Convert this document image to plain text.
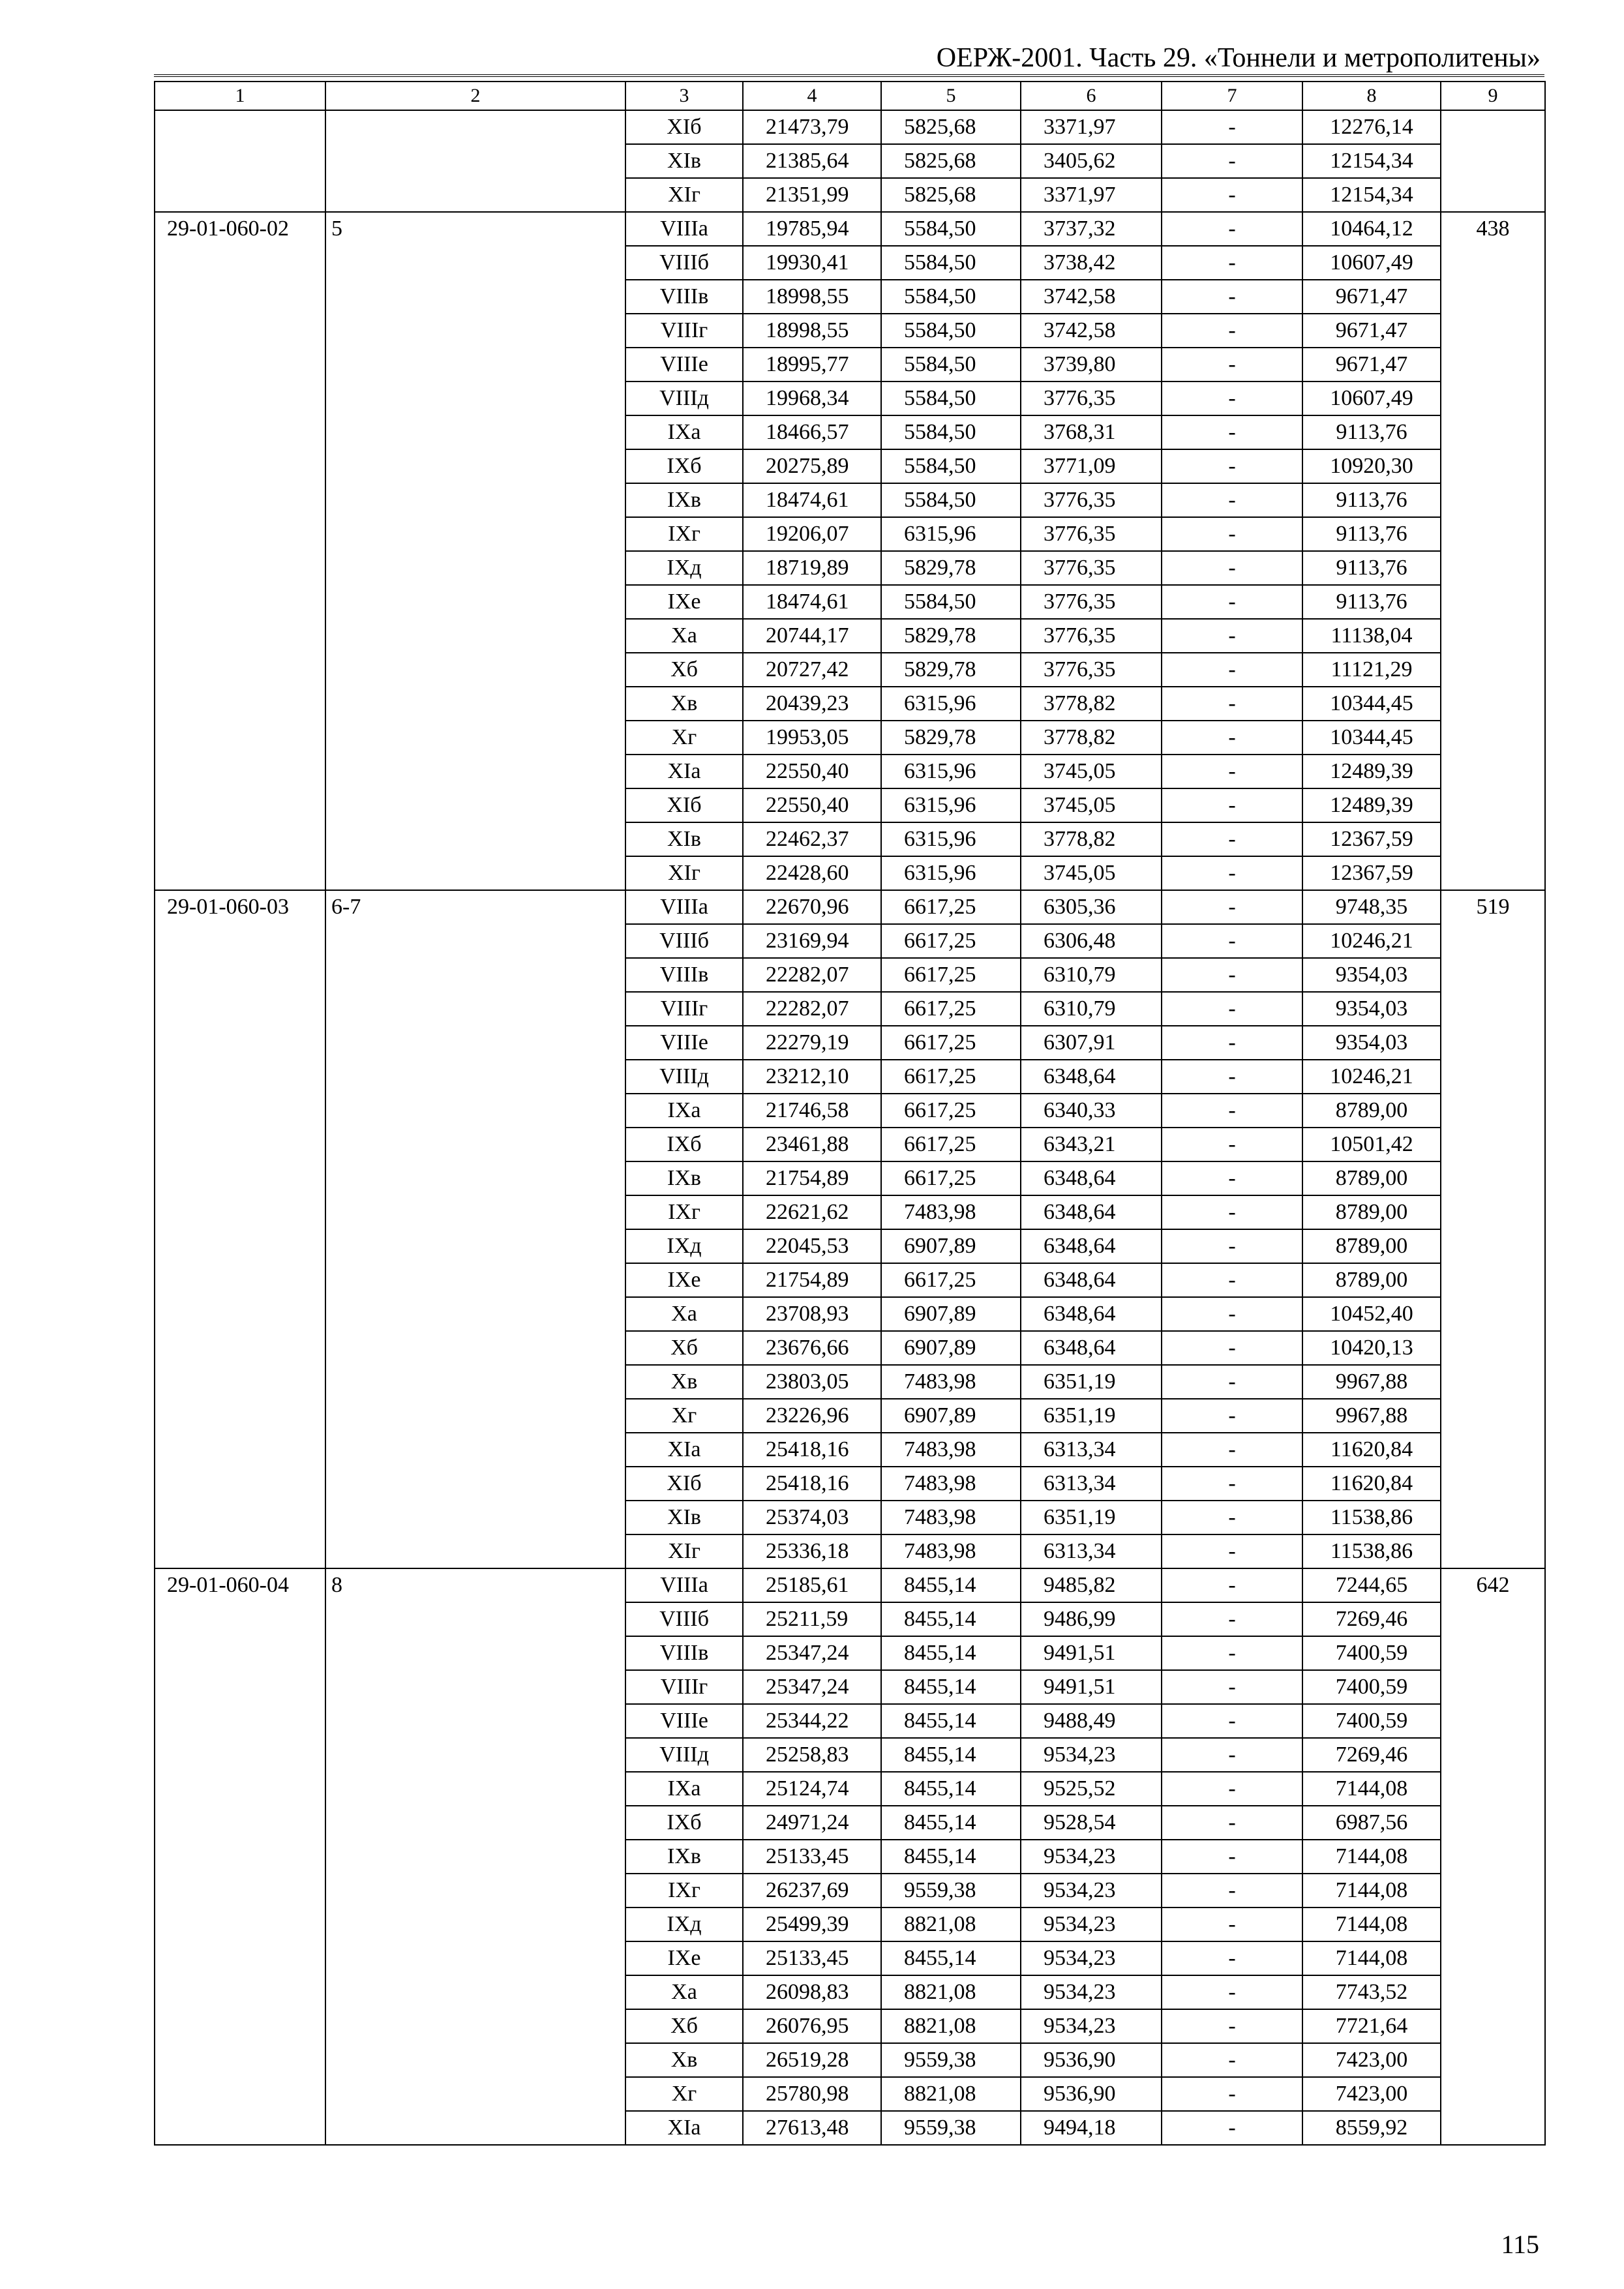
ОЕРЖ-2001. Часть 29. «Тоннели и метрополитены»
1	2	3	4	5	6	7	8	9
		XIб	21473,79	5825,68	3371,97	-	12276,14	
		XIв	21385,64	5825,68	3405,62	-	12154,34	
		XIг	21351,99	5825,68	3371,97	-	12154,34	
29-01-060-02	5	VIIIа	19785,94	5584,50	3737,32	-	10464,12	438
		VIIIб	19930,41	5584,50	3738,42	-	10607,49	
		VIIIв	18998,55	5584,50	3742,58	-	9671,47	
		VIIIг	18998,55	5584,50	3742,58	-	9671,47	
		VIIIе	18995,77	5584,50	3739,80	-	9671,47	
		VIIIд	19968,34	5584,50	3776,35	-	10607,49	
		IXа	18466,57	5584,50	3768,31	-	9113,76	
		IXб	20275,89	5584,50	3771,09	-	10920,30	
		IXв	18474,61	5584,50	3776,35	-	9113,76	
		IXг	19206,07	6315,96	3776,35	-	9113,76	
		IXд	18719,89	5829,78	3776,35	-	9113,76	
		IXе	18474,61	5584,50	3776,35	-	9113,76	
		Xа	20744,17	5829,78	3776,35	-	11138,04	
		Xб	20727,42	5829,78	3776,35	-	11121,29	
		Xв	20439,23	6315,96	3778,82	-	10344,45	
		Xг	19953,05	5829,78	3778,82	-	10344,45	
		XIа	22550,40	6315,96	3745,05	-	12489,39	
		XIб	22550,40	6315,96	3745,05	-	12489,39	
		XIв	22462,37	6315,96	3778,82	-	12367,59	
		XIг	22428,60	6315,96	3745,05	-	12367,59	
29-01-060-03	6-7	VIIIа	22670,96	6617,25	6305,36	-	9748,35	519
		VIIIб	23169,94	6617,25	6306,48	-	10246,21	
		VIIIв	22282,07	6617,25	6310,79	-	9354,03	
		VIIIг	22282,07	6617,25	6310,79	-	9354,03	
		VIIIе	22279,19	6617,25	6307,91	-	9354,03	
		VIIIд	23212,10	6617,25	6348,64	-	10246,21	
		IXа	21746,58	6617,25	6340,33	-	8789,00	
		IXб	23461,88	6617,25	6343,21	-	10501,42	
		IXв	21754,89	6617,25	6348,64	-	8789,00	
		IXг	22621,62	7483,98	6348,64	-	8789,00	
		IXд	22045,53	6907,89	6348,64	-	8789,00	
		IXе	21754,89	6617,25	6348,64	-	8789,00	
		Xа	23708,93	6907,89	6348,64	-	10452,40	
		Xб	23676,66	6907,89	6348,64	-	10420,13	
		Xв	23803,05	7483,98	6351,19	-	9967,88	
		Xг	23226,96	6907,89	6351,19	-	9967,88	
		XIа	25418,16	7483,98	6313,34	-	11620,84	
		XIб	25418,16	7483,98	6313,34	-	11620,84	
		XIв	25374,03	7483,98	6351,19	-	11538,86	
		XIг	25336,18	7483,98	6313,34	-	11538,86	
29-01-060-04	8	VIIIа	25185,61	8455,14	9485,82	-	7244,65	642
		VIIIб	25211,59	8455,14	9486,99	-	7269,46	
		VIIIв	25347,24	8455,14	9491,51	-	7400,59	
		VIIIг	25347,24	8455,14	9491,51	-	7400,59	
		VIIIе	25344,22	8455,14	9488,49	-	7400,59	
		VIIIд	25258,83	8455,14	9534,23	-	7269,46	
		IXа	25124,74	8455,14	9525,52	-	7144,08	
		IXб	24971,24	8455,14	9528,54	-	6987,56	
		IXв	25133,45	8455,14	9534,23	-	7144,08	
		IXг	26237,69	9559,38	9534,23	-	7144,08	
		IXд	25499,39	8821,08	9534,23	-	7144,08	
		IXе	25133,45	8455,14	9534,23	-	7144,08	
		Xа	26098,83	8821,08	9534,23	-	7743,52	
		Xб	26076,95	8821,08	9534,23	-	7721,64	
		Xв	26519,28	9559,38	9536,90	-	7423,00	
		Xг	25780,98	8821,08	9536,90	-	7423,00	
		XIа	27613,48	9559,38	9494,18	-	8559,92	
115
